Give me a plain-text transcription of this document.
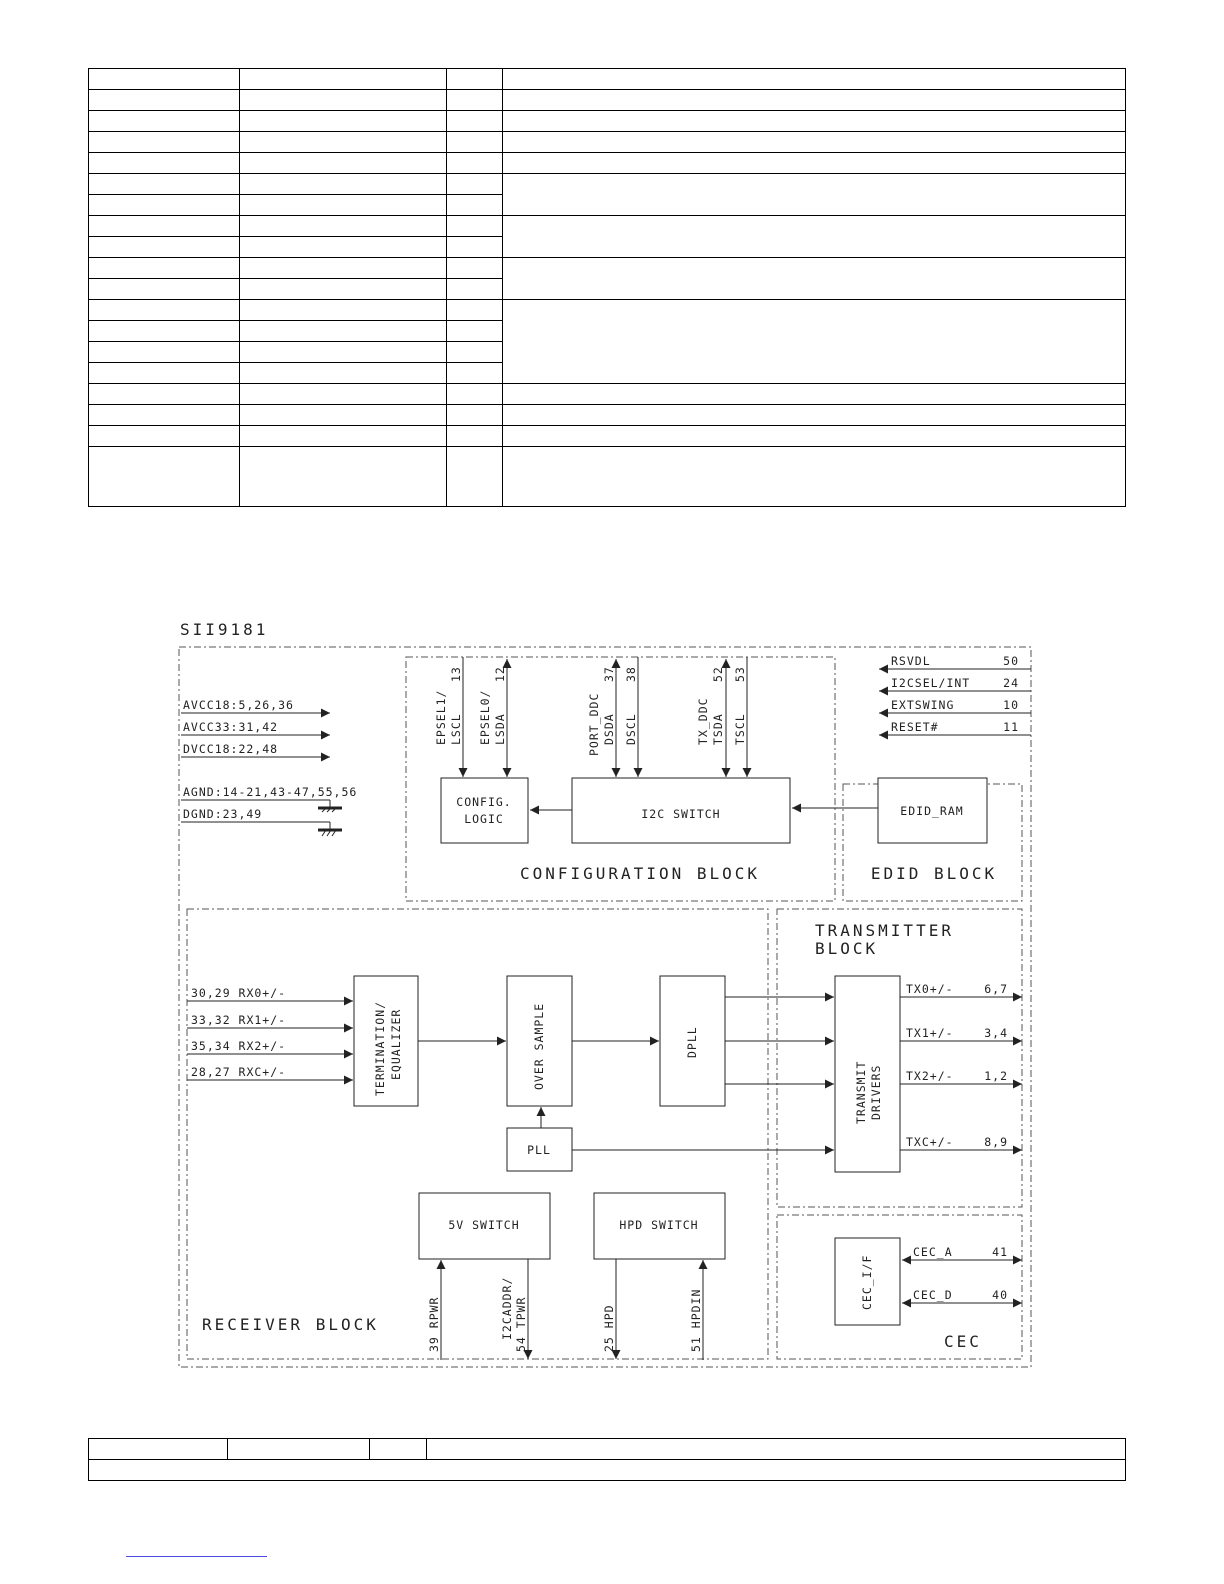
SII9181
AVCC18:5,26,36
AVCC33:31,42
DVCC18:22,48
AGND:14-21,43-47,55,56
DGND:23,49
CONFIG.
LOGIC	I2C SWITCH
EPSEL1/ LSCL
13
EPSEL0/ LSDA
12
PORT_DDC DSDA
37
DSCL
38
TX_DDC TSDA
52
TSCL
53
CONFIGURATION BLOCK
RSVDL	50
I2CSEL/INT	24
EXTSWING	10
RESET#	11
EDID_RAM
EDID BLOCK
30,29 RX0+/-
33,32 RX1+/-
35,34 RX2+/-
28,27 RXC+/-	TERMINATION/ EQUALIZER	OVER SAMPLE	DPLL
PLL
5V SWITCH	HPD SWITCH
39 RPWR	I2CADDR/ 54 TPWR	25 HPD	51 HPDIN
RECEIVER BLOCK
TRANSMITTER
BLOCK
TRANSMIT DRIVERS
TX0+/-	6,7
TX1+/-	3,4
TX2+/-	1,2
TXC+/-	8,9
CEC_I/F
CEC_A	41
CEC_D	40
CEC
